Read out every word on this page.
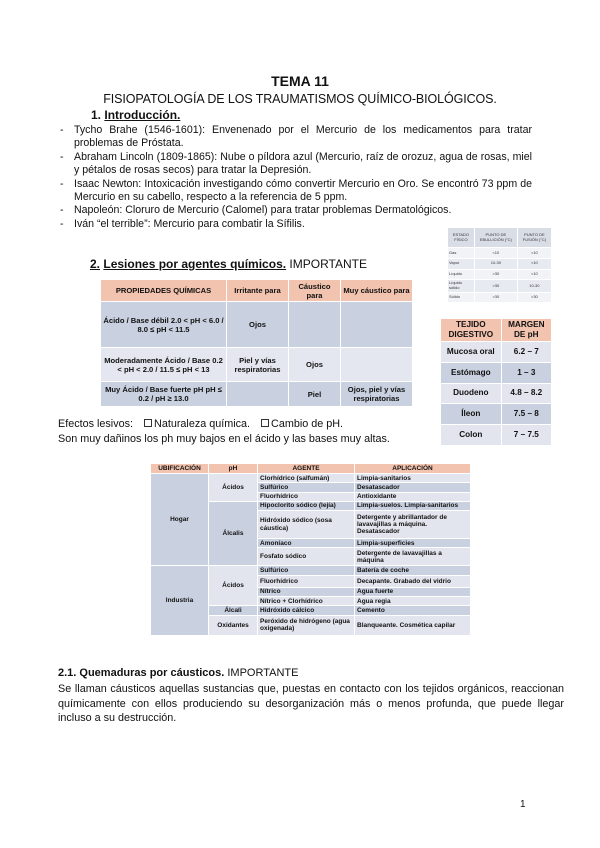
TEMA 11
FISIOPATOLOGÍA DE LOS TRAUMATISMOS QUÍMICO-BIOLÓGICOS.
1. Introducción.
- Tycho Brahe (1546-1601): Envenenado por el Mercurio de los medicamentos para tratar problemas de Próstata.
- Abraham Lincoln (1809-1865): Nube o píldora azul (Mercurio, raíz de orozuz, agua de rosas, miel y pétalos de rosas secos) para tratar la Depresión.
- Isaac Newton: Intoxicación investigando cómo convertir Mercurio en Oro. Se encontró 73 ppm de Mercurio en su cabello, respecto a la referencia de 5 ppm.
- Napoleón: Cloruro de Mercurio (Calomel) para tratar problemas Dermatológicos.
- Iván “el terrible”: Mercurio para combatir la Sífilis.
ESTADO FÍSICO	PUNTO DE EBULLICIÓN (°C)	PUNTO DE FUSIÓN (°C)
Gas	<10	<10
Vapor	10-30	<10
Líquido	>30	<10
Líquido sólido	>30	10-30
Sólido	>30	>30
2. Lesiones por agentes químicos. IMPORTANTE
PROPIEDADES QUÍMICAS	Irritante para	Cáustico para	Muy cáustico para
Ácido / Base débil 2.0 < pH < 6.0 / 8.0 ≤ pH < 11.5	Ojos		
Moderadamente Ácido / Base 0.2 < pH < 2.0 / 11.5 ≤ pH < 13	Piel y vías respiratorias	Ojos	
Muy Ácido / Base fuerte pH pH ≤ 0.2 / pH ≥ 13.0		Piel	Ojos, piel y vías respiratorias
TEJIDO DIGESTIVO	MARGEN DE pH
Mucosa oral	6.2 – 7
Estómago	1 – 3
Duodeno	4.8 – 8.2
Íleon	7.5 – 8
Colon	7 – 7.5
Efectos lesivos: Naturaleza química. Cambio de pH.
Son muy dañinos los ph muy bajos en el ácido y las bases muy altas.
UBIFICACIÓN	pH	AGENTE	APLICACIÓN
Hogar	Ácidos	Clorhídrico (salfumán)	Limpia-sanitarios
		Sulfúrico	Desatascador
		Fluorhídrico	Antioxidante
	Álcalis	Hipoclorito sódico (lejía)	Limpia-suelos. Limpia-sanitarios
		Hidróxido sódico (sosa cáustica)	Detergente y abrillantador de lavavajillas a máquina. Desatascador
		Amoníaco	Limpia-superficies
		Fosfato sódico	Detergente de lavavajillas a máquina
Industria	Ácidos	Sulfúrico	Batería de coche
		Fluorhídrico	Decapante. Grabado del vidrio
		Nítrico	Agua fuerte
		Nítrico + Clorhídrico	Agua regia
	Álcali	Hidróxido cálcico	Cemento
	Oxidantes	Peróxido de hidrógeno (agua oxigenada)	Blanqueante. Cosmética capilar
2.1. Quemaduras por cáusticos. IMPORTANTE
Se llaman cáusticos aquellas sustancias que, puestas en contacto con los tejidos orgánicos, reaccionan químicamente con ellos produciendo su desorganización más o menos profunda, que puede llegar incluso a su destrucción.
1
